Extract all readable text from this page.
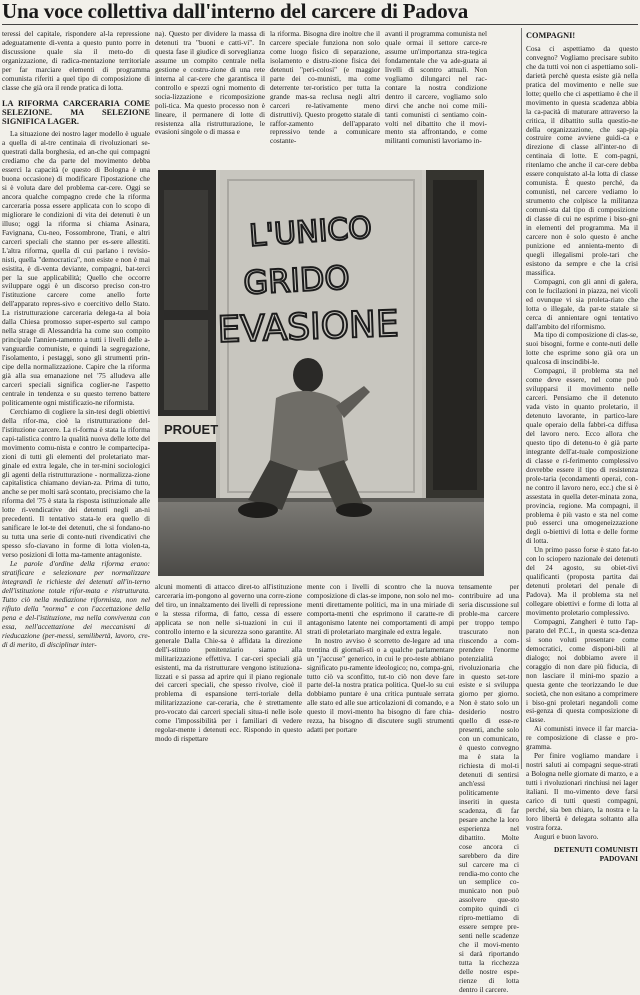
Una voce collettiva dall'interno del carcere di Padova

teressi del capitale, rispondere al-la repressione adeguatamente di-venta a questo punto porre in discussione quale sia il meto-do di organizzazione, di radica-mentazione territoriale per far marciare elementi di programma comunista riferiti a quel tipo di composizione di classe che già ora il rende pratica di lotta.

LA RIFORMA CARCERARIA COME SELEZIONE. MA SELEZIONE SIGNIFICA LAGER.

La situazione dei nostro lager modello è uguale a quella di al-tre centinaia di rivoluzionari se-questrati dalla borghesia, ed an-che qui compagni crediamo che da parte del movimento debba esserci la capacità (e questo di Bologna è una buona occasione) di modificare l'ipostazione che si è voluta dare del problema car-cere. Oggi se ancora qualche compagno crede che la riforma carceraria possa essere applicata con lo scopo di migliorare le condizioni di vita dei detenuti è un illuso; oggi la riforma si chiama Asinara, Favignana, Cu-neo, Fossombrone, Trani, e altri carceri speciali che stanno per es-sere allestiti. L'altra riforma, quella di cui parlano i revisio-nisti, quella "democratica", non esiste e non è mai esistita, è di-venta deviante, compagni, bat-terci per la sue applicabilità; Quello che occorre sviluppare oggi è un discorso preciso con-tro l'istituzione carcere come anello forte dell'apparato repres-sivo e coercitivo dello Stato. La ristrutturazione carceraria delega-ta al boia dalla Chiesa promosso super-esperto sul campo nella strage di Alessandria ha come suo compito principale l'annien-tamento a tutti i livelli delle a-vanguardie comuniste, e quindi la segregazione, l'isolamento, i pestaggi, sono gli strumenti prin-cipe della normalizzazione. Capire che la riforma già alla sua emanazione nel '75 alludeva alle carceri speciali significa coglier-ne l'aspetto centrale in tendenza e su questo terreno battere politicamente ogni mistificazio-ne riformista.

Cerchiamo di cogliere la sin-tesi degli obiettivi della rifor-ma, cioè la ristrutturazione del-l'istituzione carcere. La ri-forma è stata la riforma capi-talistica contro la qualità nuova delle lotte del movimento comu-nista e contro le compartecipa-zioni di tutti gli elementi del proletariato mar-ginale ed extra legale, che in ter-mini sociologici gli agenti della ristrutturazione - normalizza-zione capitalistica chiamano devian-za. Prima di tutto, anche se per molti sarà scontato, precisiamo che la riforma del '75 è stata la risposta istituzionale alle lotte ri-vendicative dei detenuti negli an-ni precedenti. Il tentativo stata-le era quello di sanificare le lot-te dei detenuti, che si fondano-no su tutta una serie di conte-nuti rivendicativi che spesso sfo-ciavano in forme di lotta violen-ta, verso posizioni di lotta ma-tamente antagoniste.

Le parole d'ordine della riforma erano: stratificare e selezionare per normalizzare integrandi le richieste dei detenuti all'in-terno dell'istituzione totale rifor-mata e ristrutturata. Tutto ciò nella mediazione riformista, non nel rifiuto della "norma" e con l'accettazione della pena e del-l'istituzione, ma nella convivenza con essa, nell'accettazione dei meccanismi di rieducazione (per-messi, semilibertà, lavoro, cre-di di merito, di disciplinar inter-

na). Questo per dividere la massa di detenuti tra "buoni e catti-vi". In questa fase il giudice di sorveglianza assume un compito centrale nella gestione e costru-zione di una rete interna al car-cere che garantisca il controllo e spezzi ogni momento di socia-lizzazione e ricomposizione poli-tica. Ma questo processo non è lineare, il permanere di lotte di resistenza alla ristrutturazione, le evasioni singole o di massa e

la riforma. Bisogna dire inoltre che il carcere speciale funziona non solo come luogo fisico di separazione, isolamento e distru-zione fisica dei detenuti "peri-colosi" (e maggior parte dei co-munisti, ma come deterrente ter-roristico per tutta la grande mas-sa reclusa negli altri carceri re-lativamente meno distruttivi). Questo progetto statale di raffor-zamento dell'apparato repressivo tende a comunicare costante-

avanti il programma comunista nel quale ormai il settore carce-re assume un'importanza stra-tegica fondamentale che va ade-guata ai livelli di scontro attuali. Non vogliamo dilungarci nel rac-contare la nostra condizione dentro il carcere, vogliamo solo dirvi che anche noi come mili-tanti comunisti ci sentiamo coin-volti nel dibattito che il movi-mento sta affrontando, e come militanti comunisti lavoriamo in-

PROUET
L'UNICO
GRIDO
EVASIONE

alcuni momenti di attacco diret-to all'istituzione carceraria im-pongono al governo una corre-zione del tiro, un innalzamento dei livelli di repressione e la stessa riforma, di fatto, cessa di essere applicata se non nelle si-tuazioni in cui il controllo interno e la sicurezza sono garantite. Al generale Dalla Chie-sa è affidata la direzione dell'i-stituto penitenziario siamo alla militarizzazione effettiva. I car-ceri speciali già esistenti, ma da ristrutturare vengono istituziona-lizzati e si passa ad aprire qui il piano regionale dei carceri speciali, che spesso rivolve, cioè il problema di espansione terri-toriale della militarizzazione car-ceraria, che è strettamente pro-vocato dai carceri speciali situa-ti nelle isole come l'impossibilità per i familiari di vedere regolar-mente i detenuti ecc. Rispondo in questo modo di rispettare

mente con i livelli di scontro che la nuova composizione di clas-se impone, non solo nel mo-menti direttamente politici, ma in una miriade di comporta-menti che esprimono il caratte-re di antagonismo latente nei comportamenti di ampi strati di proletariato marginale ed extra legale.

In nostro avviso è scorretto de-legare ad una trentina di giornali-sti o a qualche parlamentare un "j'accuse" generico, in cui le pro-teste abbiano significato pu-ramente ideologico; no, compa-gni, tutto ciò va sconfitto, tut-to ciò non deve fare parte del-la nostra pratica politica. Quel-lo su cui dobbiamo puntare è una critica puntuale serrata alle stato ed alle sue articolazioni di comando, e a questo il movi-mento ha bisogno di fare chia-rezza, ha bisogno di discutere sugli strumenti adatti per portare

tensamente per contribuire ad una seria discussione sul proble-ma carcere per troppo tempo trascurato non riuscendo a com-prendere l'enorme potenzialità rivoluzionaria che in questo set-tore esiste e si sviluppa giorno per giorno. Non è stato solo un desiderio nostro quello di esse-re presenti, anche solo con un comunicato, è questo convegno ma è stata la richiesta di mol-ti detenuti di sentirsi anch'essi politicamente inseriti in questa scadenza, di far pesare anche la loro esperienza nel dibattito. Molte cose ancora ci sarebbero da dire sul carcere ma ci rendia-mo conto che un semplice co-municato non può assolvere que-sto compito quindi ci ripro-mettiamo di essere sempre pre-senti nelle scadenze che il movi-mento si darà riportando tutta la ricchezza delle nostre espe-rienze di lotta dentro il carcere.

COMPAGNI!

Cosa ci aspettiamo da questo convegno? Vogliamo precisare subito che da tutti voi non ci aspettiamo soli-darietà perchè questa esiste già nella pratica del movimento e nelle sue lotte; quello che ci aspettiamo è che il movimento in questa scadenza abbia la ca-pacità di maturare attraverso la critica, il dibattito sulla questio-ne della organizzazione, che sap-pia costruire come avviene guidi-ca e direzione di classe all'inter-no di centinaia di lotte. E com-pagni, ritenlamo che anche il car-cere debba essere conquistato al-la lotta di classe comunista. È questo perché, da comunisti, nel carcere vediamo lo strumento che colpisce la militanza comuni-sta dal tipo di composizione di classe di cui ne esprime i biso-gni in elementi del programma. Ma il carcere non è solo questo è anche punizione ed annienta-mento di quegli illegalismi prole-tari che esistono da sempre e che la crisi massifica.

Compagni, con gli anni di galera, con le fucilazioni in piazza, nei vicoli ed ovunque vi sia proleta-riato che lotta o illegale, da par-te statale si cerca di annientare ogni tentativo dall'ambito del riformismo.

Ma tipo di composizione di clas-se, suoi bisogni, forme e conte-nuti delle lotte che esprime sono già ora un qualcosa di inscindibi-le.

Compagni, il problema sta nel come deve essere, nel come può svilupparsi il movimento nelle carceri. Pensiamo che il detenuto vada visto in quanto proletario, il detenuto lavorante, in partico-lare quale operaio della fabbri-ca diffusa del lavoro nero. Ecco allora che questo tipo di detenu-to è già parte integrante dell'at-tuale composizione di classe e ri-ferimento complessivo dovrebbe essere il tipo di resistenza prole-taria (econdamenti operai, con-ne contro il lavoro nero, ecc.) che si è assestata in quella deter-minata zona, provincia, regione. Ma compagni, il problema è più vasto e sta nel come può esserci una omogeneizzazione degli o-biettivi di lotta e delle forme di lotta.

Un primo passo forse è stato fat-to con lo sciopero nazionale dei detenuti del 24 agosto, su obiet-tivi qualificanti (proposta partita dai detenuti proletari del penale di Padova). Ma il problema sta nel collegare obiettivi e forme di lotta al movimento proletario complessivo.

Compagni, Zangheri è tutto l'ap-parato del P.C.I., in questa sca-denza si sono voluti presentare come democratici, come disponi-bili al dialogo; noi dobbiamo avere il coraggio di non dare più fiducia, di non lasciare il mini-mo spazio a questa gente che teorizzando le due società, che non esitano a comprimere i biso-gni proletari negandoli come esi-genza di questa composizione di classe.

Ai comunisti invece il far marcia-re composizione di classe e pro-gramma.

Per finire vogliamo mandare i nostri saluti ai compagni seque-strati a Bologna nelle giornate di marzo, e a tutti i rivoluzionari rinchiusi nei lager italiani. Il mo-vimento deve farsi carico di tutti questi compagni, perché, sia ben chiaro, la nostra e la loro libertà è delegata soltanto alla vostra forza.

Auguri e buon lavoro.

DETENUTI COMUNISTI
PADOVANI
